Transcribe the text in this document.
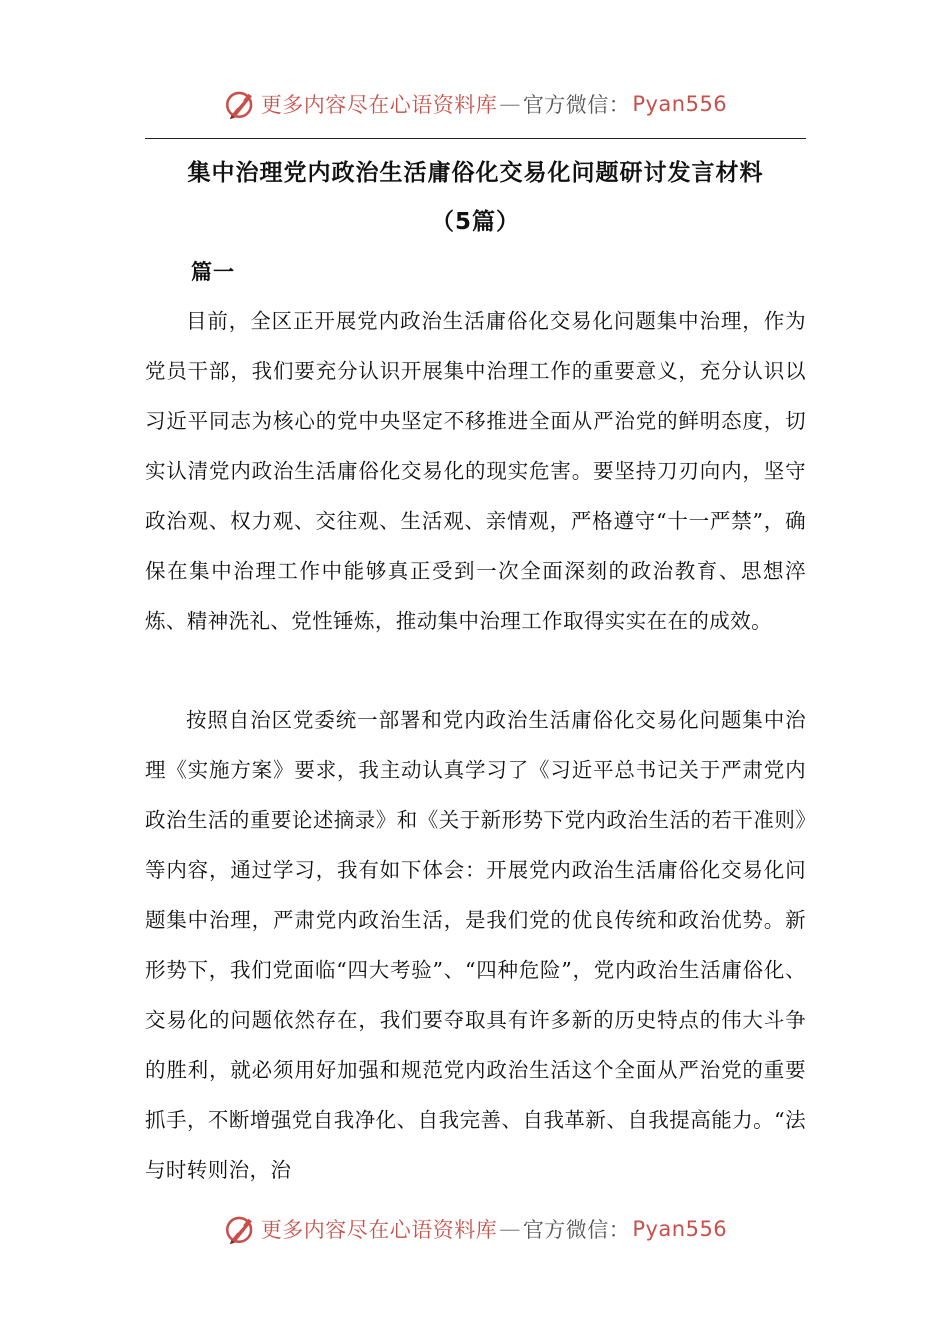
更多内容尽在心语资料库 — 官方微信： Pyan556
集中治理党内政治生活庸俗化交易化问题研讨发言材料
（5篇）
篇一

目前，全区正开展党内政治生活庸俗化交易化问题集中治理，作为党员干部，我们要充分认识开展集中治理工作的重要意义，充分认识以习近平同志为核心的党中央坚定不移推进全面从严治党的鲜明态度，切实认清党内政治生活庸俗化交易化的现实危害。要坚持刀刃向内，坚守政治观、权力观、交往观、生活观、亲情观，严格遵守“十一严禁”，确保在集中治理工作中能够真正受到一次全面深刻的政治教育、思想淬炼、精神洗礼、党性锤炼，推动集中治理工作取得实实在在的成效。

按照自治区党委统一部署和党内政治生活庸俗化交易化问题集中治理《实施方案》要求，我主动认真学习了《习近平总书记关于严肃党内政治生活的重要论述摘录》和《关于新形势下党内政治生活的若干准则》等内容，通过学习，我有如下体会：开展党内政治生活庸俗化交易化问题集中治理，严肃党内政治生活，是我们党的优良传统和政治优势。新形势下，我们党面临“四大考验”、“四种危险”，党内政治生活庸俗化、交易化的问题依然存在，我们要夺取具有许多新的历史特点的伟大斗争的胜利，就必须用好加强和规范党内政治生活这个全面从严治党的重要抓手，不断增强党自我净化、自我完善、自我革新、自我提高能力。“法与时转则治，治

更多内容尽在心语资料库 — 官方微信： Pyan556
